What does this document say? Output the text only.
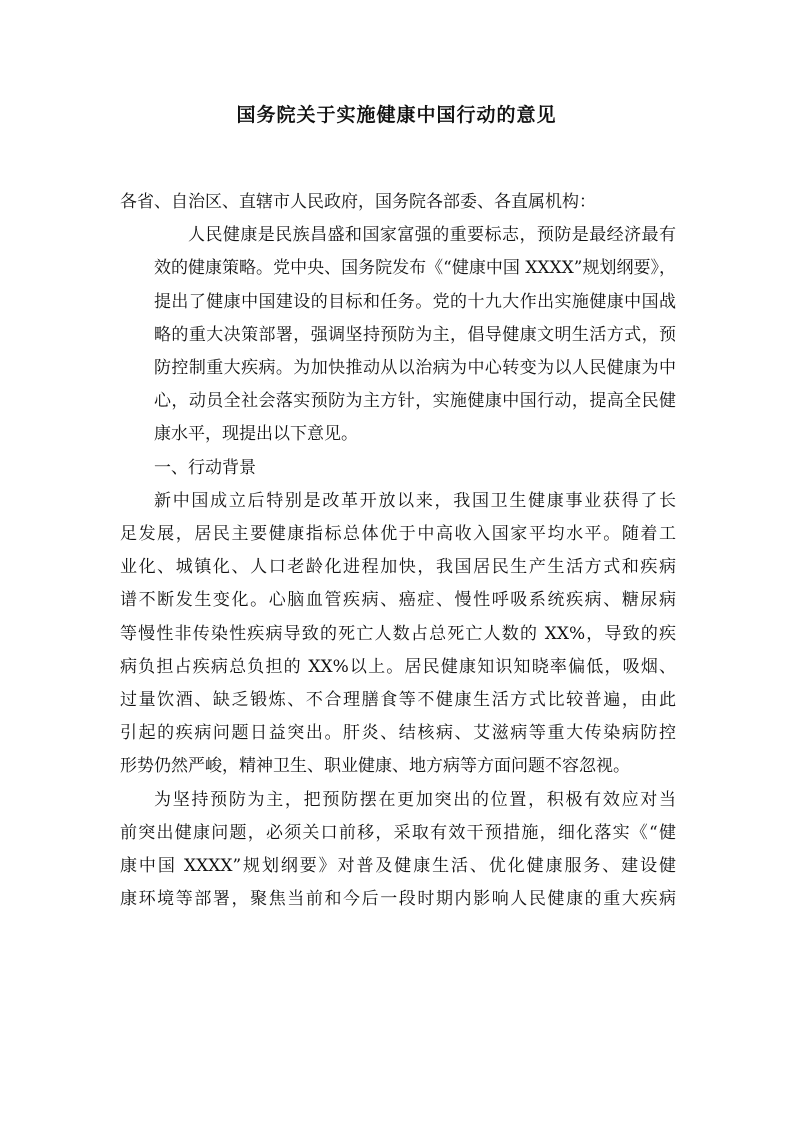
国务院关于实施健康中国行动的意见

各省、自治区、直辖市人民政府，国务院各部委、各直属机构：

人民健康是民族昌盛和国家富强的重要标志，预防是最经济最有
效的健康策略。党中央、国务院发布《“健康中国 XXXX”规划纲要》，
提出了健康中国建设的目标和任务。党的十九大作出实施健康中国战
略的重大决策部署，强调坚持预防为主，倡导健康文明生活方式，预
防控制重大疾病。为加快推动从以治病为中心转变为以人民健康为中
心，动员全社会落实预防为主方针，实施健康中国行动，提高全民健
康水平，现提出以下意见。

一、行动背景

新中国成立后特别是改革开放以来，我国卫生健康事业获得了长
足发展，居民主要健康指标总体优于中高收入国家平均水平。随着工
业化、城镇化、人口老龄化进程加快，我国居民生产生活方式和疾病
谱不断发生变化。心脑血管疾病、癌症、慢性呼吸系统疾病、糖尿病
等慢性非传染性疾病导致的死亡人数占总死亡人数的 XX%，导致的疾
病负担占疾病总负担的 XX%以上。居民健康知识知晓率偏低，吸烟、
过量饮酒、缺乏锻炼、不合理膳食等不健康生活方式比较普遍，由此
引起的疾病问题日益突出。肝炎、结核病、艾滋病等重大传染病防控
形势仍然严峻，精神卫生、职业健康、地方病等方面问题不容忽视。

为坚持预防为主，把预防摆在更加突出的位置，积极有效应对当
前突出健康问题，必须关口前移，采取有效干预措施，细化落实《“健
康中国 XXXX”规划纲要》对普及健康生活、优化健康服务、建设健
康环境等部署，聚焦当前和今后一段时期内影响人民健康的重大疾病
